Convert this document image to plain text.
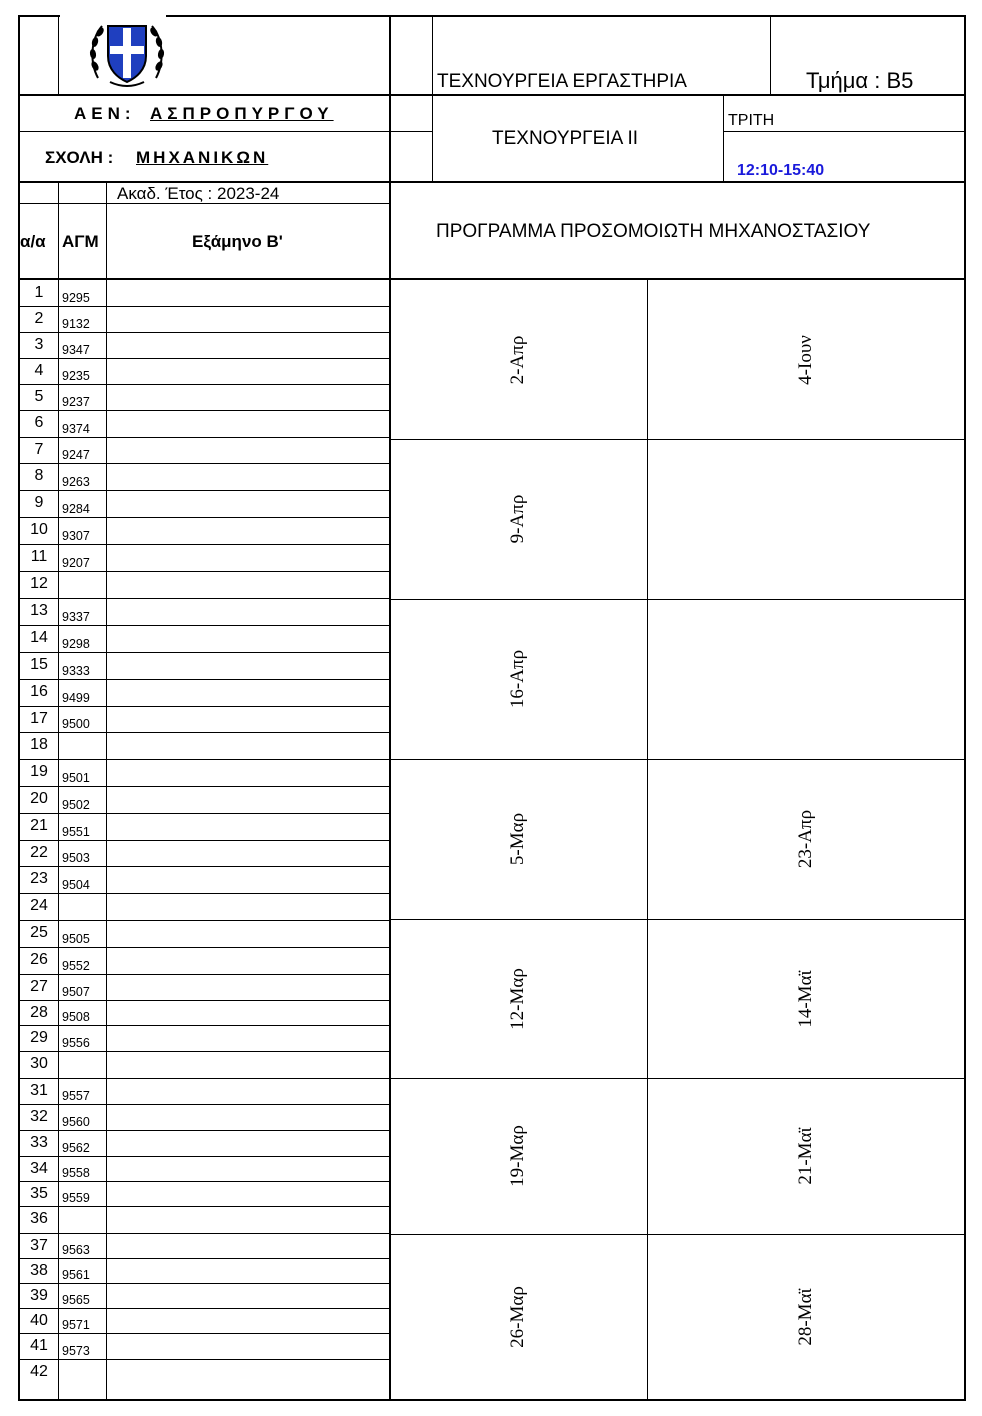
ΤΕΧΝΟΥΡΓΕΙΑ ΕΡΓΑΣΤΗΡΙΑ	Τμήμα : Β5
ΑΕΝ: ΑΣΠΡΟΠΥΡΓΟΥ
ΣΧΟΛΗ : ΜΗΧΑΝΙΚΩΝ
ΤΕΧΝΟΥΡΓΕΙΑ ΙΙ
ΤΡΙΤΗ
12:10-15:40
Ακαδ. Έτος : 2023-24
α/α ΑΓΜ	Εξάμηνο Β'	ΠΡΟΓΡΑΜΜΑ ΠΡΟΣΟΜΟΙΩΤΗ ΜΗΧΑΝΟΣΤΑΣΙΟΥ
1	9295
2	9132
3	9347
4	9235
5	9237
6	9374
7	9247
8	9263
9	9284
10	9307
11	9207
12
13	9337
14	9298
15	9333
16	9499
17	9500
18
19	9501
20	9502
21	9551
22	9503
23	9504
24
25	9505
26	9552
27	9507
28	9508
29	9556
30
31	9557
32	9560
33	9562
34	9558
35	9559
36
37	9563
38	9561
39	9565
40	9571
41	9573
42
2-Απρ	4-Ιουν
9-Απρ
16-Απρ
5-Μαρ	23-Απρ
12-Μαρ	14-Μαϊ
19-Μαρ	21-Μαϊ
26-Μαρ	28-Μαϊ
